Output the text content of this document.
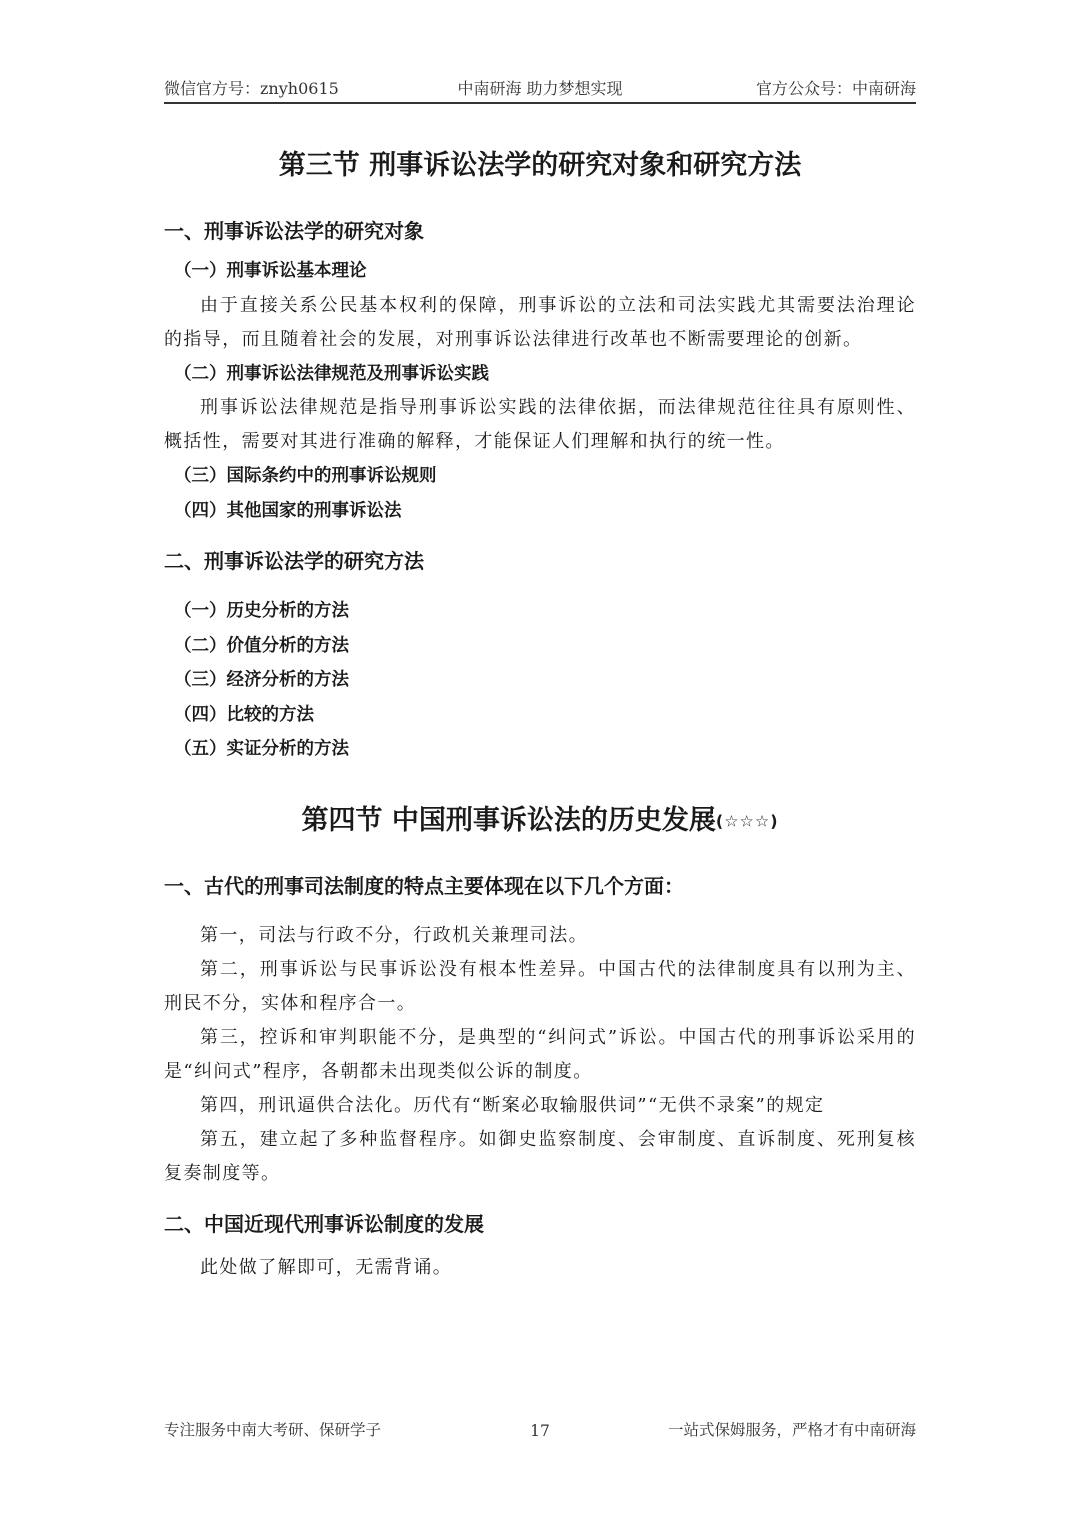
微信官方号：znyh0615	中南研海 助力梦想实现	官方公众号：中南研海
第三节 刑事诉讼法学的研究对象和研究方法
一、刑事诉讼法学的研究对象
（一）刑事诉讼基本理论

由于直接关系公民基本权利的保障，刑事诉讼的立法和司法实践尤其需要法治理论的指导，而且随着社会的发展，对刑事诉讼法律进行改革也不断需要理论的创新。

（二）刑事诉讼法律规范及刑事诉讼实践

刑事诉讼法律规范是指导刑事诉讼实践的法律依据，而法律规范往往具有原则性、概括性，需要对其进行准确的解释，才能保证人们理解和执行的统一性。

（三）国际条约中的刑事诉讼规则
（四）其他国家的刑事诉讼法
二、刑事诉讼法学的研究方法
（一）历史分析的方法
（二）价值分析的方法
（三）经济分析的方法
（四）比较的方法
（五）实证分析的方法
第四节 中国刑事诉讼法的历史发展(☆☆☆)
一、古代的刑事司法制度的特点主要体现在以下几个方面：

第一，司法与行政不分，行政机关兼理司法。

第二，刑事诉讼与民事诉讼没有根本性差异。中国古代的法律制度具有以刑为主、刑民不分，实体和程序合一。

第三，控诉和审判职能不分，是典型的“纠问式”诉讼。中国古代的刑事诉讼采用的是“纠问式”程序，各朝都未出现类似公诉的制度。

第四，刑讯逼供合法化。历代有“断案必取输服供词”“无供不录案”的规定

第五，建立起了多种监督程序。如御史监察制度、会审制度、直诉制度、死刑复核复奏制度等。

二、中国近现代刑事诉讼制度的发展

此处做了解即可，无需背诵。

专注服务中南大考研、保研学子	17	一站式保姆服务，严格才有中南研海
